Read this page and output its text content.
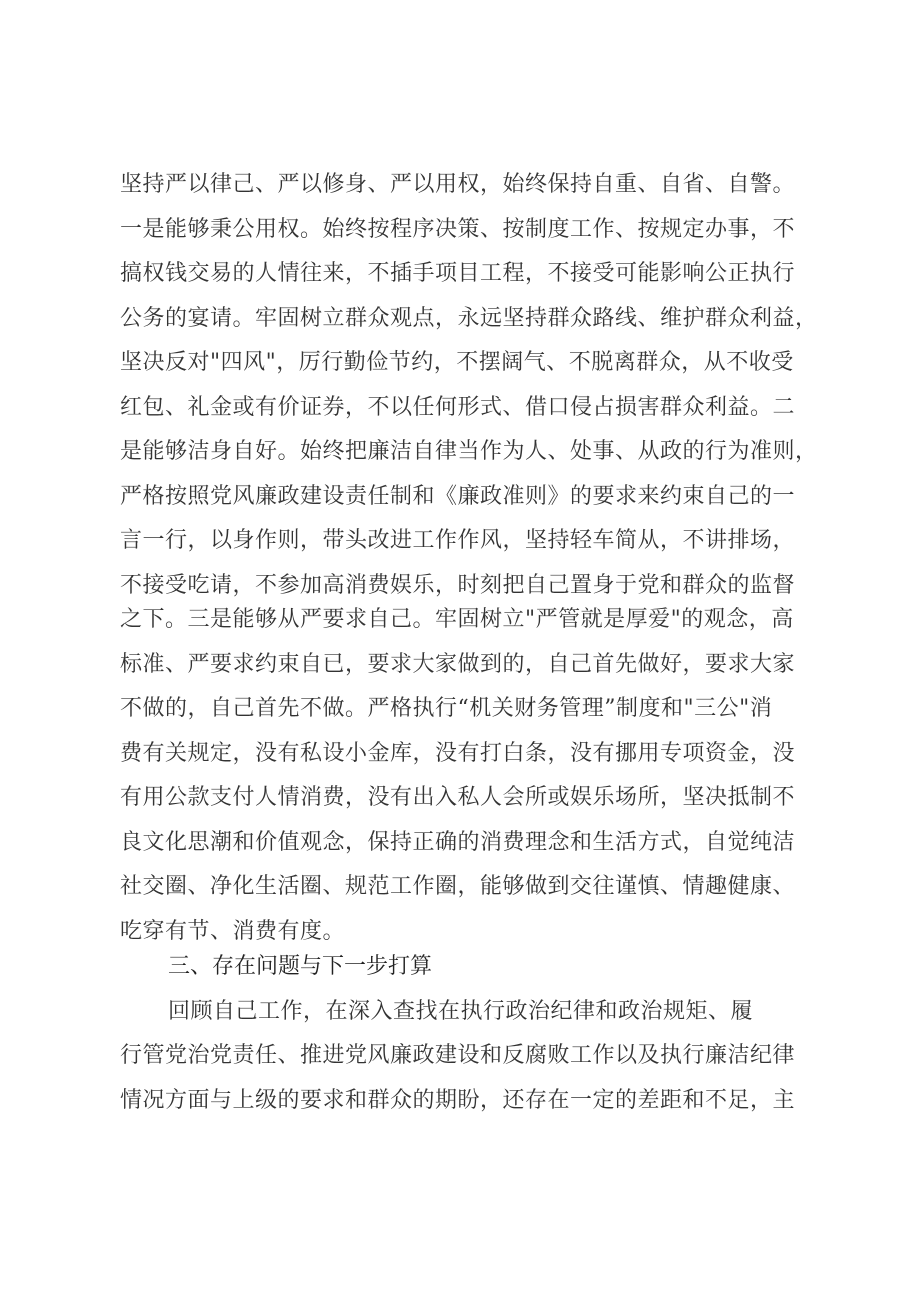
坚持严以律己、严以修身、严以用权，始终保持自重、自省、自警。
一是能够秉公用权。始终按程序决策、按制度工作、按规定办事，不
搞权钱交易的人情往来，不插手项目工程，不接受可能影响公正执行
公务的宴请。牢固树立群众观点，永远坚持群众路线、维护群众利益，
坚决反对"四风"，厉行勤俭节约，不摆阔气、不脱离群众，从不收受
红包、礼金或有价证券，不以任何形式、借口侵占损害群众利益。二
是能够洁身自好。始终把廉洁自律当作为人、处事、从政的行为准则，
严格按照党风廉政建设责任制和《廉政准则》的要求来约束自己的一
言一行，以身作则，带头改进工作作风，坚持轻车简从，不讲排场，
不接受吃请，不参加高消费娱乐，时刻把自己置身于党和群众的监督
之下。三是能够从严要求自己。牢固树立"严管就是厚爱"的观念，高
标准、严要求约束自已，要求大家做到的，自己首先做好，要求大家
不做的，自己首先不做。严格执行“机关财务管理”制度和"三公"消
费有关规定，没有私设小金库，没有打白条，没有挪用专项资金，没
有用公款支付人情消费，没有出入私人会所或娱乐场所，坚决抵制不
良文化思潮和价值观念，保持正确的消费理念和生活方式，自觉纯洁
社交圈、净化生活圈、规范工作圈，能够做到交往谨慎、情趣健康、
吃穿有节、消费有度。
三、存在问题与下一步打算
回顾自己工作，在深入查找在执行政治纪律和政治规矩、履
行管党治党责任、推进党风廉政建设和反腐败工作以及执行廉洁纪律
情况方面与上级的要求和群众的期盼，还存在一定的差距和不足，主
